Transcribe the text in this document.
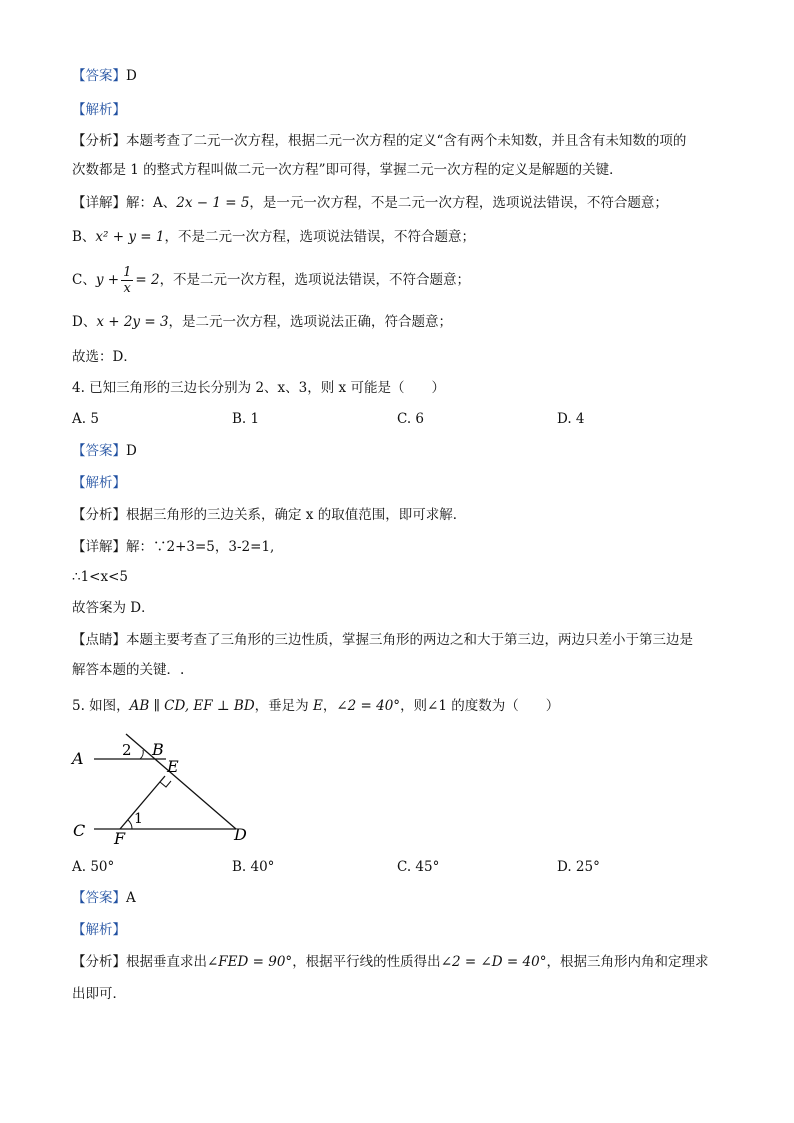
【答案】D
【解析】
【分析】本题考查了二元一次方程，根据二元一次方程的定义“含有两个未知数，并且含有未知数的项的
次数都是 1 的整式方程叫做二元一次方程”即可得，掌握二元一次方程的定义是解题的关键．
【详解】解：A、2x − 1 = 5，是一元一次方程，不是二元一次方程，选项说法错误，不符合题意；
B、x² + y = 1，不是二元一次方程，选项说法错误，不符合题意；
C、$y + \frac{1}{x} = 2$，不是二元一次方程，选项说法错误，不符合题意；
D、x + 2y = 3，是二元一次方程，选项说法正确，符合题意；
故选：D．
4. 已知三角形的三边长分别为 2、x、3，则 x 可能是（　　）
A. 5	B. 1	C. 6	D. 4
【答案】D
【解析】
【分析】根据三角形的三边关系，确定 x 的取值范围，即可求解．
【详解】解：∵2+3=5，3-2=1,
∴1<x<5
故答案为 D．
【点睛】本题主要考查了三角形的三边性质，掌握三角形的两边之和大于第三边，两边只差小于第三边是
解答本题的关键．.
5. 如图，AB ∥ CD, EF ⊥ BD，垂足为 E，∠2 = 40°，则∠1 的度数为（　　）
A	2 B
E
C
1
F	D
A. 50°	B. 40°	C. 45°	D. 25°
【答案】A
【解析】
【分析】根据垂直求出∠FED = 90°，根据平行线的性质得出∠2 = ∠D = 40°，根据三角形内角和定理求
出即可．
